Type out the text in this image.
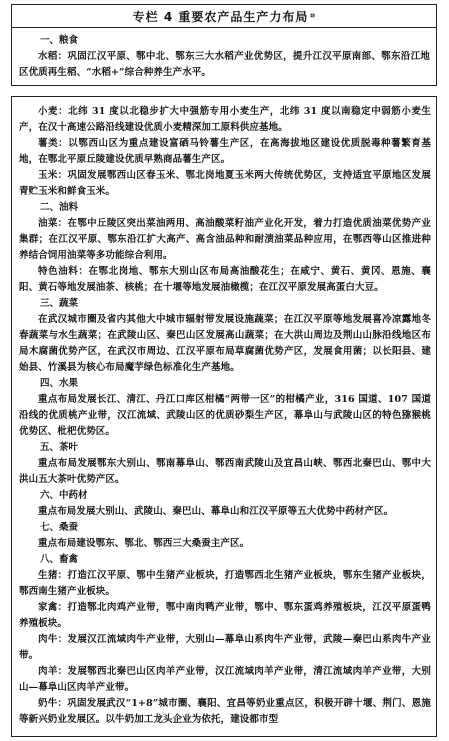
专栏 4 重要农产品生产力布局 ⑩
一、粮食
水稻：巩固江汉平原、鄂中北、鄂东三大水稻产业优势区，提升江汉平原南部、鄂东沿江地区优质再生稻、“水稻+”综合种养生产水平。
小麦：北纬 31 度以北稳步扩大中强筋专用小麦生产，北纬 31 度以南稳定中弱筋小麦生产，在汉十高速公路沿线建设优质小麦精深加工原料供应基地。
薯类：以鄂西山区为重点建设富硒马铃薯生产区，在高海拔地区建设优质脱毒种薯繁育基地，在鄂北平原丘陵建设优质早熟商品薯生产区。
玉米：巩固发展鄂西山区春玉米、鄂北岗地夏玉米两大传统优势区，支持适宜平原地区发展青贮玉米和鲜食玉米。
二、油料
油菜：在鄂中丘陵区突出菜油两用、高油酸菜籽油产业化开发，着力打造优质油菜优势产业集群；在江汉平原、鄂东沿江扩大高产、高含油品种和耐渍油菜品种应用，在鄂西等山区推进种养结合饲用油菜等多功能综合利用。
特色油料：在鄂北岗地、鄂东大别山区布局高油酸花生；在咸宁、黄石、黄冈、恩施、襄阳、黄石等地发展油茶、核桃；在十堰等地发展油橄榄；在江汉平原发展高蛋白大豆。
三、蔬菜
在武汉城市圈及省内其他大中城市辐射带发展设施蔬菜；在江汉平原等地发展喜冷凉露地冬春蔬菜与水生蔬菜；在武陵山区、秦巴山区发展高山蔬菜；在大洪山周边及荆山山脉沿线地区布局木腐菌优势产区，在武汉市周边、江汉平原布局草腐菌优势产区，发展食用菌；以长阳县、建始县、竹溪县为核心布局魔芋绿色标准化生产基地。
四、水果
重点布局发展长江、清江、丹江口库区柑橘“两带一区”的柑橘产业，316 国道、107 国道沿线的优质桃产业带，汉江流域、武陵山区的优质砂梨生产区，幕阜山与武陵山区的特色猕猴桃优势区、枇杷优势区。
五、茶叶
重点布局发展鄂东大别山、鄂南幕阜山、鄂西南武陵山及宜昌山峡、鄂西北秦巴山、鄂中大洪山五大茶叶优势产区。
六、中药材
重点布局发展大别山、武陵山、秦巴山、幕阜山和江汉平原等五大优势中药材产区。
七、桑蚕
重点布局建设鄂东、鄂北、鄂西三大桑蚕主产区。
八、畜禽
生猪：打造江汉平原、鄂中生猪产业板块，打造鄂西北生猪产业板块，鄂东生猪产业板块，鄂西南生猪产业板块。
家禽：打造鄂北肉鸡产业带，鄂中南肉鸭产业带，鄂中、鄂东蛋鸡养殖板块，江汉平原蛋鸭养殖板块。
肉牛：发展汉江流域肉牛产业带，大别山—幕阜山系肉牛产业带，武陵—秦巴山系肉牛产业带。
肉羊：发展鄂西北秦巴山区肉羊产业带，汉江流域肉羊产业带，清江流域肉羊产业带，大别山—幕阜山区肉羊产业带。
奶牛：巩固发展武汉“1+8”城市圈、襄阳、宜昌等奶业重点区，积极开辟十堰、荆门、恩施等新兴奶业发展区。以牛奶加工龙头企业为依托，建设都市型
